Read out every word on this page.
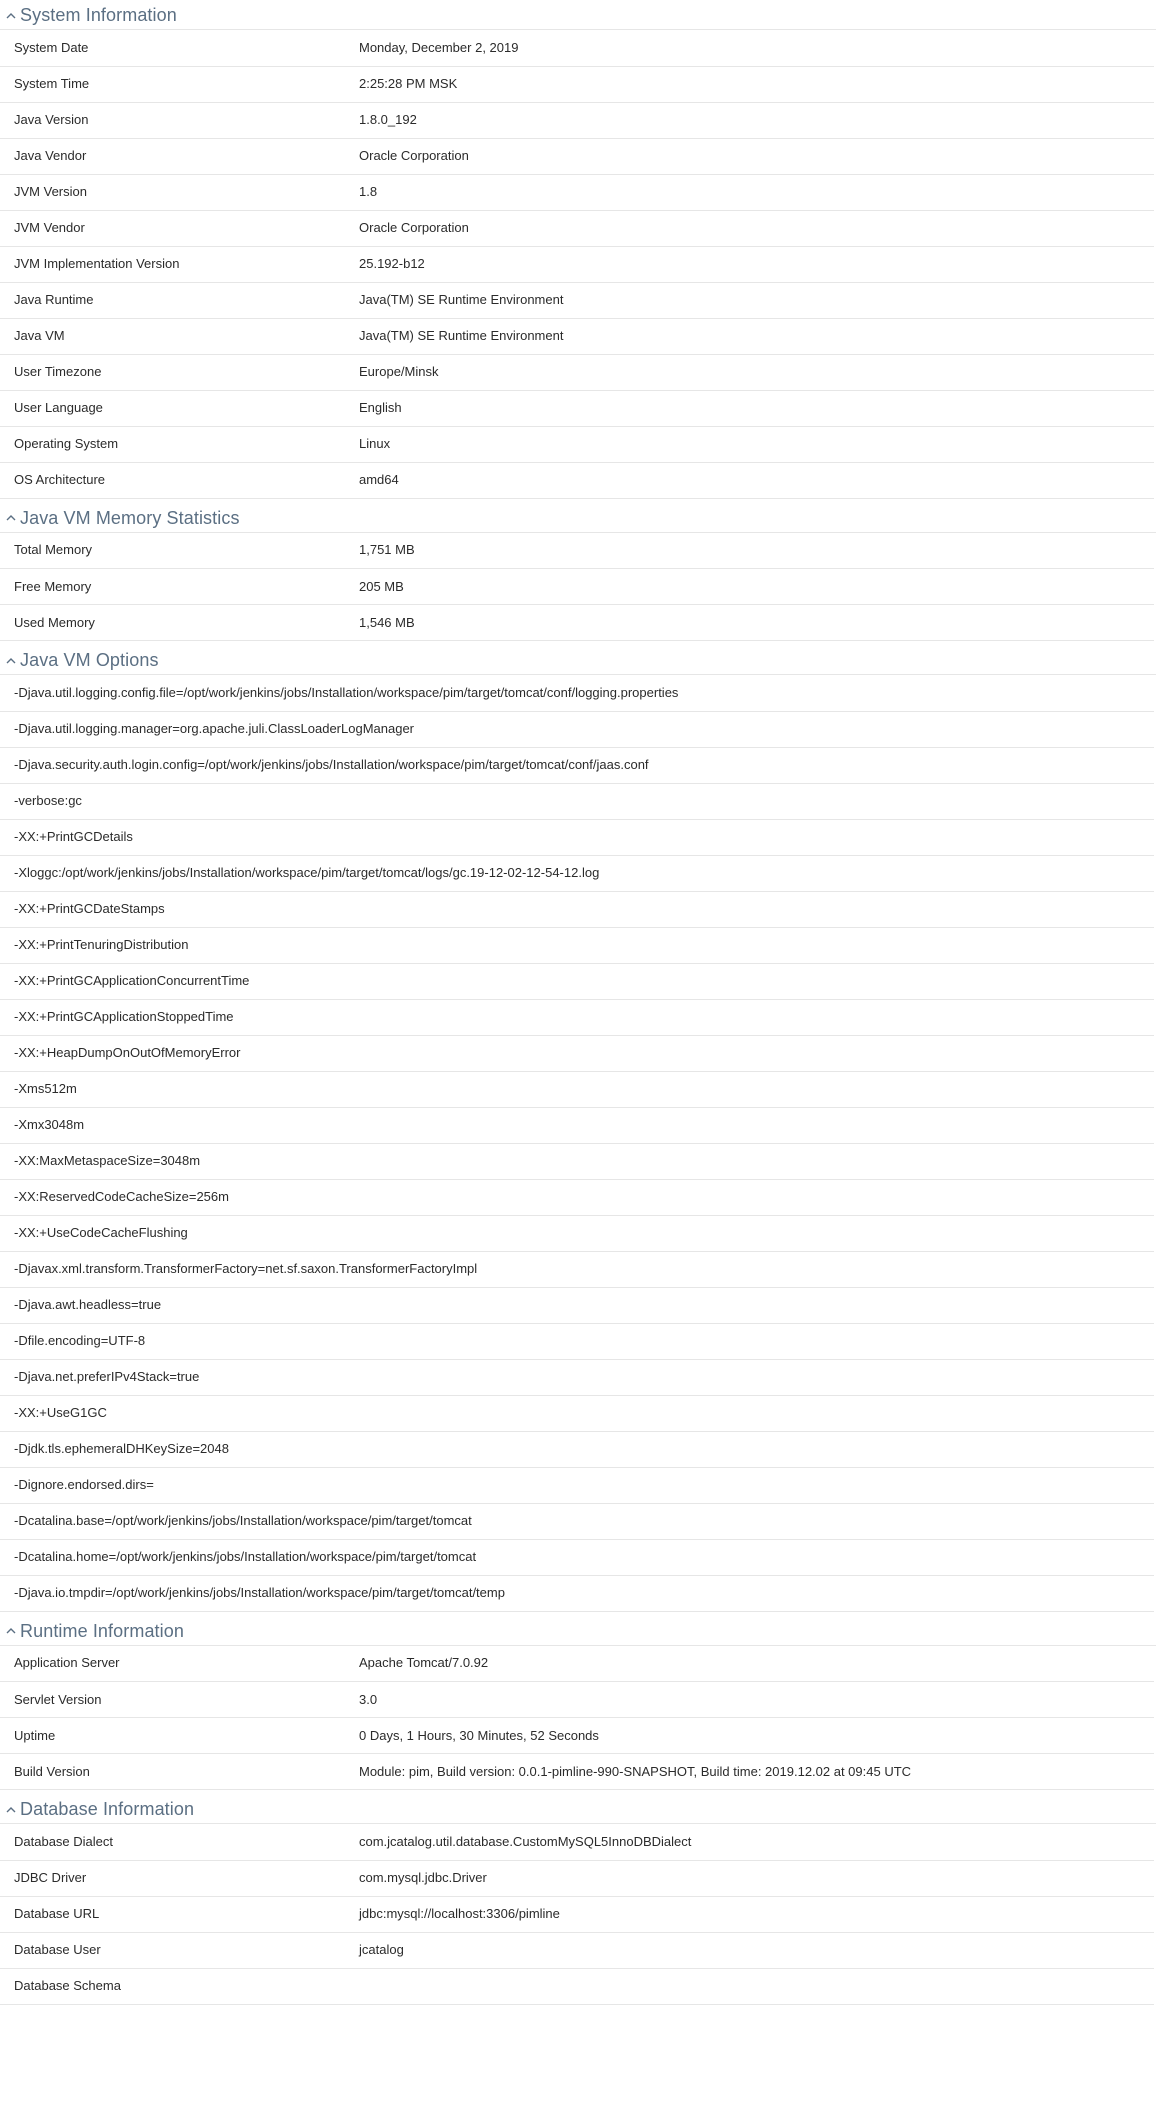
System Information
System Date	Monday, December 2, 2019
System Time	2:25:28 PM MSK
Java Version	1.8.0_192
Java Vendor	Oracle Corporation
JVM Version	1.8
JVM Vendor	Oracle Corporation
JVM Implementation Version	25.192-b12
Java Runtime	Java(TM) SE Runtime Environment
Java VM	Java(TM) SE Runtime Environment
User Timezone	Europe/Minsk
User Language	English
Operating System	Linux
OS Architecture	amd64
Java VM Memory Statistics
Total Memory	1,751 MB
Free Memory	205 MB
Used Memory	1,546 MB
Java VM Options
-Djava.util.logging.config.file=/opt/work/jenkins/jobs/Installation/workspace/pim/target/tomcat/conf/logging.properties
-Djava.util.logging.manager=org.apache.juli.ClassLoaderLogManager
-Djava.security.auth.login.config=/opt/work/jenkins/jobs/Installation/workspace/pim/target/tomcat/conf/jaas.conf
-verbose:gc
-XX:+PrintGCDetails
-Xloggc:/opt/work/jenkins/jobs/Installation/workspace/pim/target/tomcat/logs/gc.19-12-02-12-54-12.log
-XX:+PrintGCDateStamps
-XX:+PrintTenuringDistribution
-XX:+PrintGCApplicationConcurrentTime
-XX:+PrintGCApplicationStoppedTime
-XX:+HeapDumpOnOutOfMemoryError
-Xms512m
-Xmx3048m
-XX:MaxMetaspaceSize=3048m
-XX:ReservedCodeCacheSize=256m
-XX:+UseCodeCacheFlushing
-Djavax.xml.transform.TransformerFactory=net.sf.saxon.TransformerFactoryImpl
-Djava.awt.headless=true
-Dfile.encoding=UTF-8
-Djava.net.preferIPv4Stack=true
-XX:+UseG1GC
-Djdk.tls.ephemeralDHKeySize=2048
-Dignore.endorsed.dirs=
-Dcatalina.base=/opt/work/jenkins/jobs/Installation/workspace/pim/target/tomcat
-Dcatalina.home=/opt/work/jenkins/jobs/Installation/workspace/pim/target/tomcat
-Djava.io.tmpdir=/opt/work/jenkins/jobs/Installation/workspace/pim/target/tomcat/temp
Runtime Information
Application Server	Apache Tomcat/7.0.92
Servlet Version	3.0
Uptime	0 Days, 1 Hours, 30 Minutes, 52 Seconds
Build Version	Module: pim, Build version: 0.0.1-pimline-990-SNAPSHOT, Build time: 2019.12.02 at 09:45 UTC
Database Information
Database Dialect	com.jcatalog.util.database.CustomMySQL5InnoDBDialect
JDBC Driver	com.mysql.jdbc.Driver
Database URL	jdbc:mysql://localhost:3306/pimline
Database User	jcatalog
Database Schema	
